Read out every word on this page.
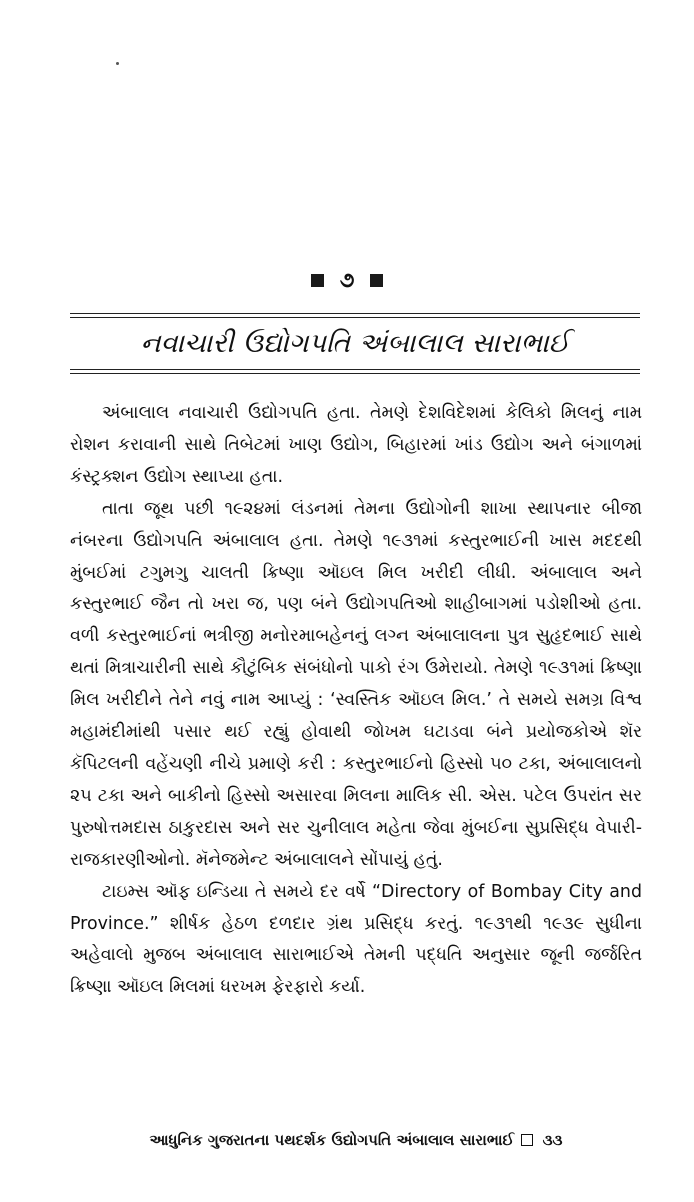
૭
નવાચારી ઉદ્યોગપતિ અંબાલાલ સારાભાઈ

અંબાલાલ નવાચારી ઉદ્યોગપતિ હતા. તેમણે દેશવિદેશમાં કેલિકો મિલનું નામ રોશન કરાવાની સાથે તિબેટમાં ખાણ ઉદ્યોગ, બિહારમાં ખાંડ ઉદ્યોગ અને બંગાળમાં કંસ્ટ્રક્શન ઉદ્યોગ સ્થાપ્યા હતા.

તાતા જૂથ પછી ૧૯૨૪માં લંડનમાં તેમના ઉદ્યોગોની શાખા સ્થાપનાર બીજા નંબરના ઉદ્યોગપતિ અંબાલાલ હતા. તેમણે ૧૯૩૧માં કસ્તુરભાઈની ખાસ મદદથી મુંબઈમાં ટગુમગુ ચાલતી ક્રિષ્ણા ઑઇલ મિલ ખરીદી લીધી. અંબાલાલ અને કસ્તુરભાઈ જૈન તો ખરા જ, પણ બંને ઉદ્યોગપતિઓ શાહીબાગમાં પડોશીઓ હતા. વળી કસ્તુરભાઈનાં ભત્રીજી મનોરમાબહેનનું લગ્ન અંબાલાલના પુત્ર સુહૃદભાઈ સાથે થતાં મિત્રાચારીની સાથે કૌટુંબિક સંબંધોનો પાકો રંગ ઉમેરાયો. તેમણે ૧૯૩૧માં ક્રિષ્ણા મિલ ખરીદીને તેને નવું નામ આપ્યું : ‘સ્વસ્તિક ઑઇલ મિલ.’ તે સમયે સમગ્ર વિશ્વ મહામંદીમાંથી પસાર થઈ રહ્યું હોવાથી જોખમ ઘટાડવા બંને પ્રયોજકોએ શૅર કૅપિટલની વહેંચણી નીચે પ્રમાણે કરી : કસ્તુરભાઈનો હિસ્સો ૫૦ ટકા, અંબાલાલનો ૨૫ ટકા અને બાકીનો હિસ્સો અસારવા મિલના માલિક સી. એસ. પટેલ ઉપરાંત સર પુરુષોત્તમદાસ ઠાકુરદાસ અને સર ચુનીલાલ મહેતા જેવા મુંબઈના સુપ્રસિદ્ધ વેપારી-રાજકારણીઓનો. મૅનેજમેન્ટ અંબાલાલને સોંપાયું હતું.

ટાઇમ્સ ઑફ ઇન્ડિયા તે સમયે દર વર્ષે “Directory of Bombay City and Province.” શીર્ષક હેઠળ દળદાર ગ્રંથ પ્રસિદ્ધ કરતું. ૧૯૩૧થી ૧૯૩૯ સુધીના અહેવાલો મુજબ અંબાલાલ સારાભાઈએ તેમની પદ્ધતિ અનુસાર જૂની જર્જરિત ક્રિષ્ણા ઑઇલ મિલમાં ધરખમ ફેરફારો કર્યા.

આધુનિક ગુજરાતના પથદર્શક ઉદ્યોગપતિ અંબાલાલ સારાભાઈ ૩૩
